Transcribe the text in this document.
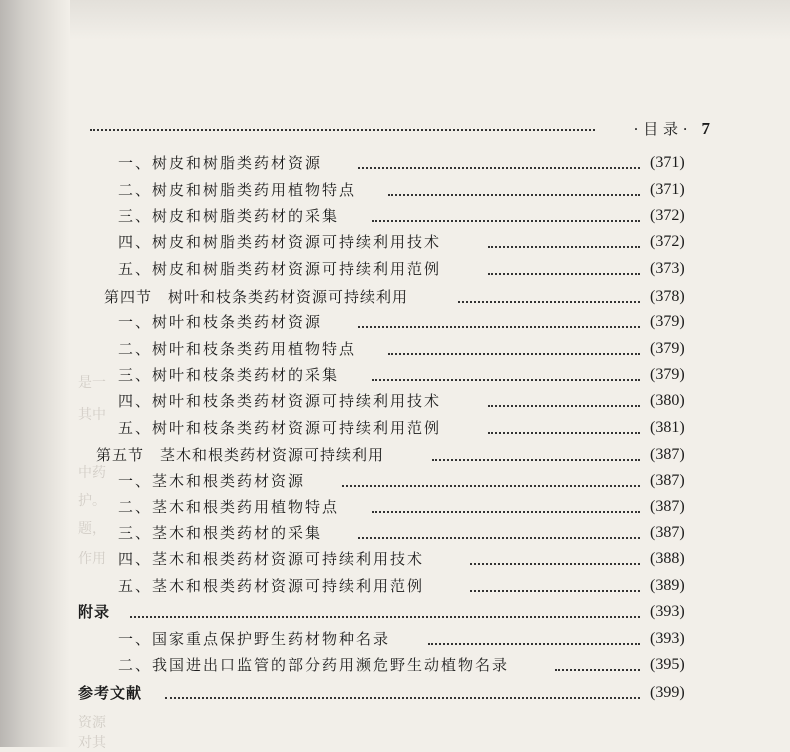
是一
其中
中药
护。
题，
作用
资源
对其
· 目 录 · 7
一、树皮和树脂类药材资源	(371)
二、树皮和树脂类药用植物特点	(371)
三、树皮和树脂类药材的采集	(372)
四、树皮和树脂类药材资源可持续利用技术	(372)
五、树皮和树脂类药材资源可持续利用范例	(373)
第四节　树叶和枝条类药材资源可持续利用	(378)
一、树叶和枝条类药材资源	(379)
二、树叶和枝条类药用植物特点	(379)
三、树叶和枝条类药材的采集	(379)
四、树叶和枝条类药材资源可持续利用技术	(380)
五、树叶和枝条类药材资源可持续利用范例	(381)
第五节　茎木和根类药材资源可持续利用	(387)
一、茎木和根类药材资源	(387)
二、茎木和根类药用植物特点	(387)
三、茎木和根类药材的采集	(387)
四、茎木和根类药材资源可持续利用技术	(388)
五、茎木和根类药材资源可持续利用范例	(389)
附录	(393)
一、国家重点保护野生药材物种名录	(393)
二、我国进出口监管的部分药用濒危野生动植物名录	(395)
参考文献	(399)
